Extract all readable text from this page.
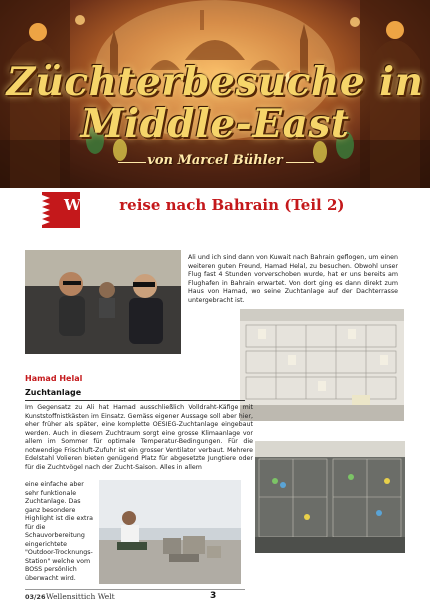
Züchterbesuche in
Middle-East
von Marcel Bühler
Weiterreise nach Bahrain (Teil 2)
Ali und ich sind dann von Kuwait nach Bahrain geflogen, um einen weiteren guten Freund, Hamad Helal, zu besuchen. Obwohl unser Flug fast 4 Stunden vorverschoben wurde, hat er uns bereits am Flughafen in Bahrain erwartet. Von dort ging es dann direkt zum Haus von Hamad, wo seine Zuchtanlage auf der Dachterrasse untergebracht ist.
Hamad Helal
Zuchtanlage
Im Gegensatz zu Ali hat Hamad ausschließlich Volldraht-Käfige mit Kunststoffnistkästen im Einsatz. Gemäss eigener Aussage soll aber hier, eher früher als später, eine komplette OESIEG-Zuchtanlage eingebaut werden. Auch in diesem Zuchtraum sorgt eine grosse Klimaanlage vor allem im Sommer für optimale Temperatur-Bedingungen. Für die notwendige Frischluft-Zufuhr ist ein grosser Ventilator verbaut. Mehrere Edelstahl Volieren bieten genügend Platz für abgesetzte Jungtiere oder für die Zuchtvögel nach der Zucht-Saison. Alles in allem
eine einfache aber sehr funktionale Zuchtanlage. Das ganz besondere Highlight ist die extra für die Schauvorbereitung eingerichtete "Outdoor-Trocknungs-Station" welche vom BOSS persönlich überwacht wird.
03/26 Wellensittich Welt	3
